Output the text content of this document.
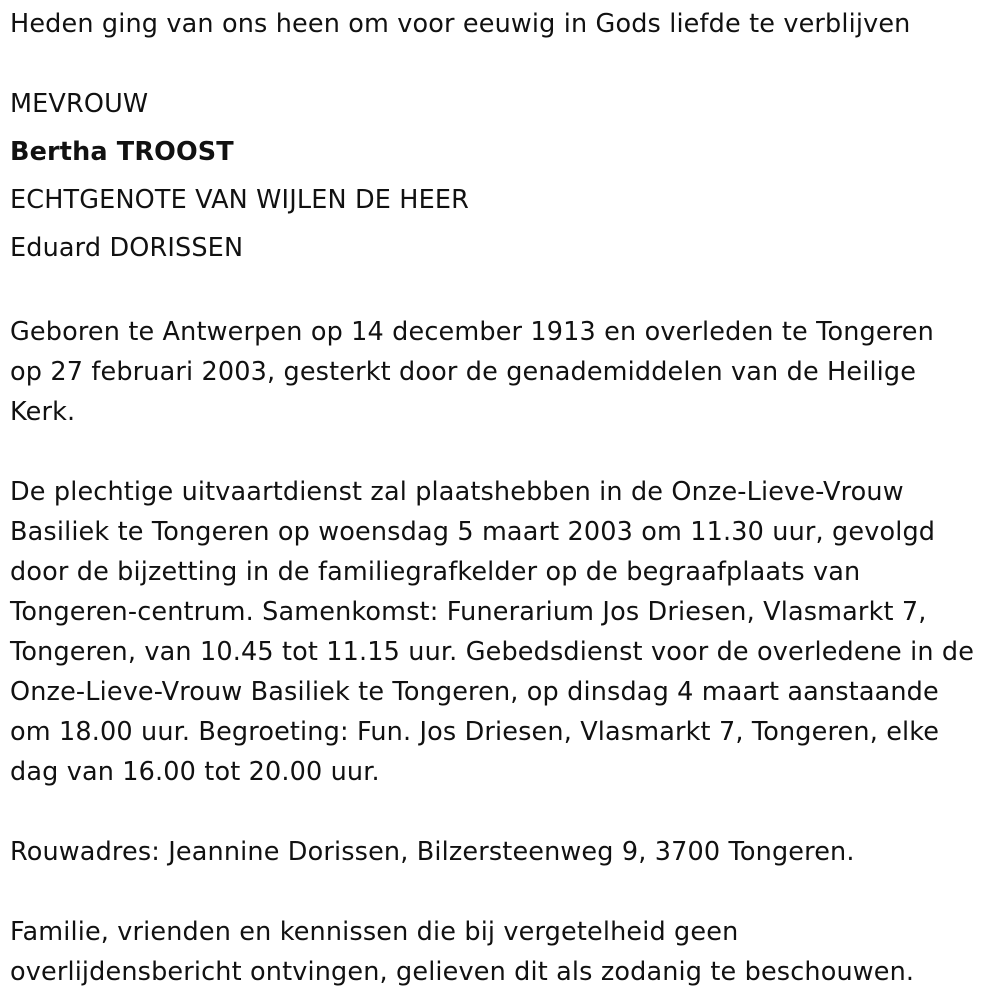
Heden ging van ons heen om voor eeuwig in Gods liefde te verblijven

MEVROUW

Bertha TROOST

ECHTGENOTE VAN WIJLEN DE HEER

Eduard DORISSEN

Geboren te Antwerpen op 14 december 1913 en overleden te Tongeren

op 27 februari 2003, gesterkt door de genademiddelen van de Heilige

Kerk.

De plechtige uitvaartdienst zal plaatshebben in de Onze-Lieve-Vrouw

Basiliek te Tongeren op woensdag 5 maart 2003 om 11.30 uur, gevolgd

door de bijzetting in de familiegrafkelder op de begraafplaats van

Tongeren-centrum. Samenkomst: Funerarium Jos Driesen, Vlasmarkt 7,

Tongeren, van 10.45 tot 11.15 uur. Gebedsdienst voor de overledene in de

Onze-Lieve-Vrouw Basiliek te Tongeren, op dinsdag 4 maart aanstaande

om 18.00 uur. Begroeting: Fun. Jos Driesen, Vlasmarkt 7, Tongeren, elke

dag van 16.00 tot 20.00 uur.

Rouwadres: Jeannine Dorissen, Bilzersteenweg 9, 3700 Tongeren.

Familie, vrienden en kennissen die bij vergetelheid geen

overlijdensbericht ontvingen, gelieven dit als zodanig te beschouwen.
